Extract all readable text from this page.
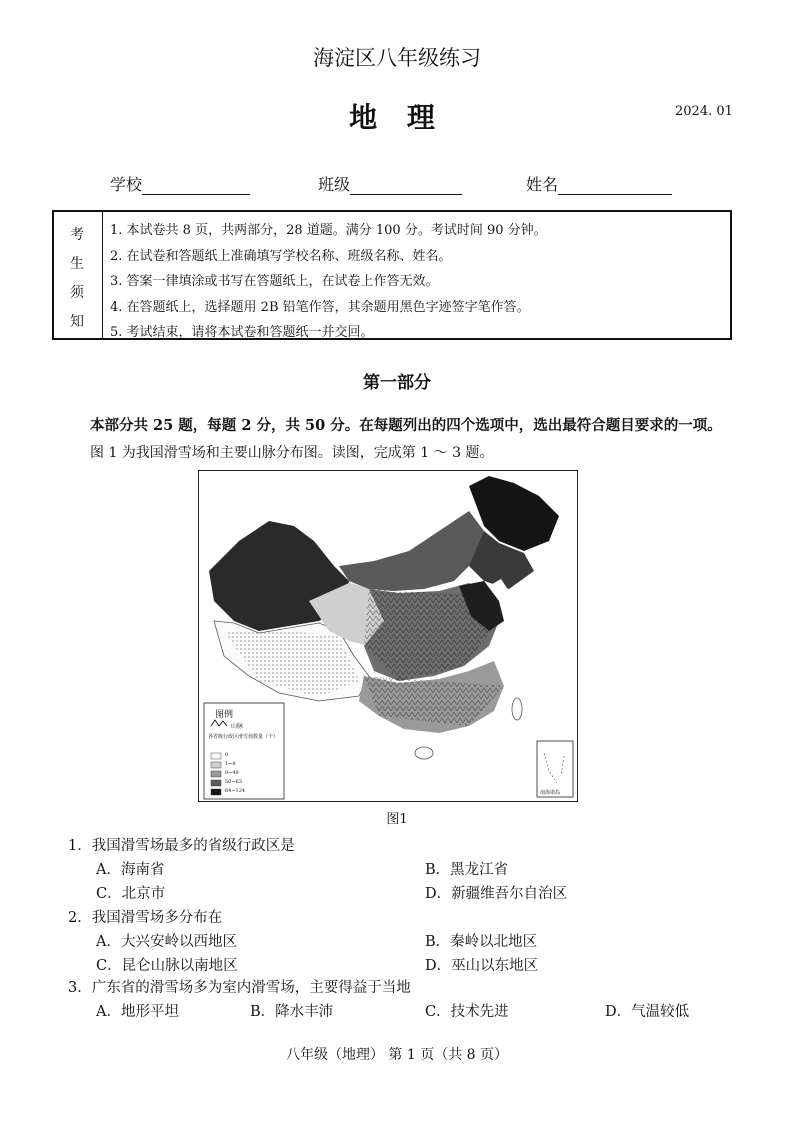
海淀区八年级练习
地 理	2024. 01
学校	班级	姓名
考
生
须
知
1. 本试卷共 8 页，共两部分，28 道题。满分 100 分。考试时间 90 分钟。
2. 在试卷和答题纸上准确填写学校名称、班级名称、姓名。
3. 答案一律填涂或书写在答题纸上，在试卷上作答无效。
4. 在答题纸上，选择题用 2B 铅笔作答，其余题用黑色字迹签字笔作答。
5. 考试结束，请将本试卷和答题纸一并交回。
第一部分
本部分共 25 题，每题 2 分，共 50 分。在每题列出的四个选项中，选出最符合题目要求的一项。
图 1 为我国滑雪场和主要山脉分布图。读图，完成第 1 ～ 3 题。
图例
山脉
各省级行政区滑雪场数量（个）
0
1~8
9~49
50~63
64~124	南海诸岛
图1
1．我国滑雪场最多的省级行政区是
A．海南省	B．黑龙江省
C．北京市	D．新疆维吾尔自治区
2．我国滑雪场多分布在
A．大兴安岭以西地区	B．秦岭以北地区
C．昆仑山脉以南地区	D．巫山以东地区
3．广东省的滑雪场多为室内滑雪场，主要得益于当地
A．地形平坦	B．降水丰沛	C．技术先进	D．气温较低
八年级（地理） 第 1 页（共 8 页）
